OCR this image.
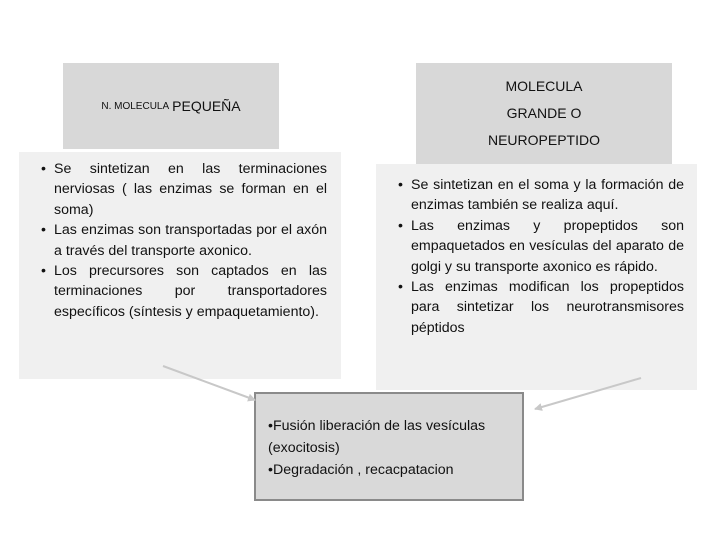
N. MOLECULA PEQUEÑA
MOLECULA
GRANDE O
NEUROPEPTIDO
• Se sintetizan en las terminaciones nerviosas ( las enzimas se forman en el soma)
• Las enzimas son transportadas por el axón a través del transporte axonico.
• Los precursores son captados en las terminaciones por transportadores específicos (síntesis y empaquetamiento).
• Se sintetizan en el soma y la formación de enzimas también se realiza aquí.
• Las enzimas y propeptidos son empaquetados en vesículas del aparato de golgi y su transporte axonico es rápido.
• Las enzimas modifican los propeptidos para sintetizar los neurotransmisores péptidos
•Fusión liberación de las vesículas
(exocitosis)
•Degradación , recacpatacion
